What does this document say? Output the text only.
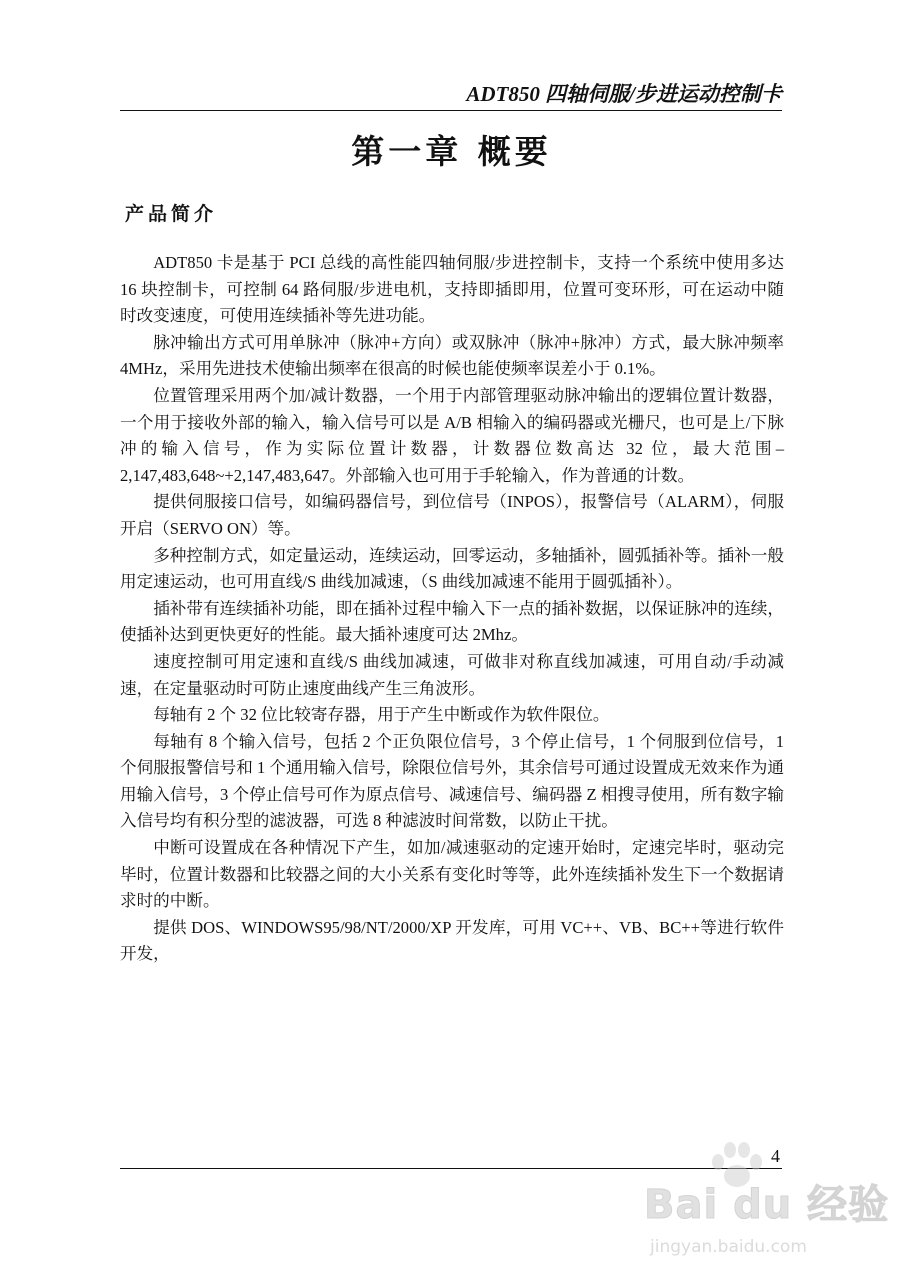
ADT850 四轴伺服/步进运动控制卡
第一章 概要
产品简介

ADT850 卡是基于 PCI 总线的高性能四轴伺服/步进控制卡，支持一个系统中使用多达 16 块控制卡，可控制 64 路伺服/步进电机，支持即插即用，位置可变环形，可在运动中随时改变速度，可使用连续插补等先进功能。

脉冲输出方式可用单脉冲（脉冲+方向）或双脉冲（脉冲+脉冲）方式，最大脉冲频率 4MHz，采用先进技术使输出频率在很高的时候也能使频率误差小于 0.1%。

位置管理采用两个加/减计数器，一个用于内部管理驱动脉冲输出的逻辑位置计数器，一个用于接收外部的输入，输入信号可以是 A/B 相输入的编码器或光栅尺，也可是上/下脉冲的输入信号，作为实际位置计数器，计数器位数高达 32 位，最大范围–2,147,483,648~+2,147,483,647。外部输入也可用于手轮输入，作为普通的计数。

提供伺服接口信号，如编码器信号，到位信号（INPOS），报警信号（ALARM），伺服开启（SERVO ON）等。

多种控制方式，如定量运动，连续运动，回零运动，多轴插补，圆弧插补等。插补一般用定速运动，也可用直线/S 曲线加减速，（S 曲线加减速不能用于圆弧插补）。

插补带有连续插补功能，即在插补过程中输入下一点的插补数据，以保证脉冲的连续，使插补达到更快更好的性能。最大插补速度可达 2Mhz。

速度控制可用定速和直线/S 曲线加减速，可做非对称直线加减速，可用自动/手动减速，在定量驱动时可防止速度曲线产生三角波形。

每轴有 2 个 32 位比较寄存器，用于产生中断或作为软件限位。

每轴有 8 个输入信号，包括 2 个正负限位信号，3 个停止信号，1 个伺服到位信号，1 个伺服报警信号和 1 个通用输入信号，除限位信号外，其余信号可通过设置成无效来作为通用输入信号，3 个停止信号可作为原点信号、减速信号、编码器 Z 相搜寻使用，所有数字输入信号均有积分型的滤波器，可选 8 种滤波时间常数，以防止干扰。

中断可设置成在各种情况下产生，如加/减速驱动的定速开始时，定速完毕时，驱动完毕时，位置计数器和比较器之间的大小关系有变化时等等，此外连续插补发生下一个数据请求时的中断。

提供 DOS、WINDOWS95/98/NT/2000/XP 开发库，可用 VC++、VB、BC++等进行软件开发，

4
Bai du 经验
jingyan.baidu.com
